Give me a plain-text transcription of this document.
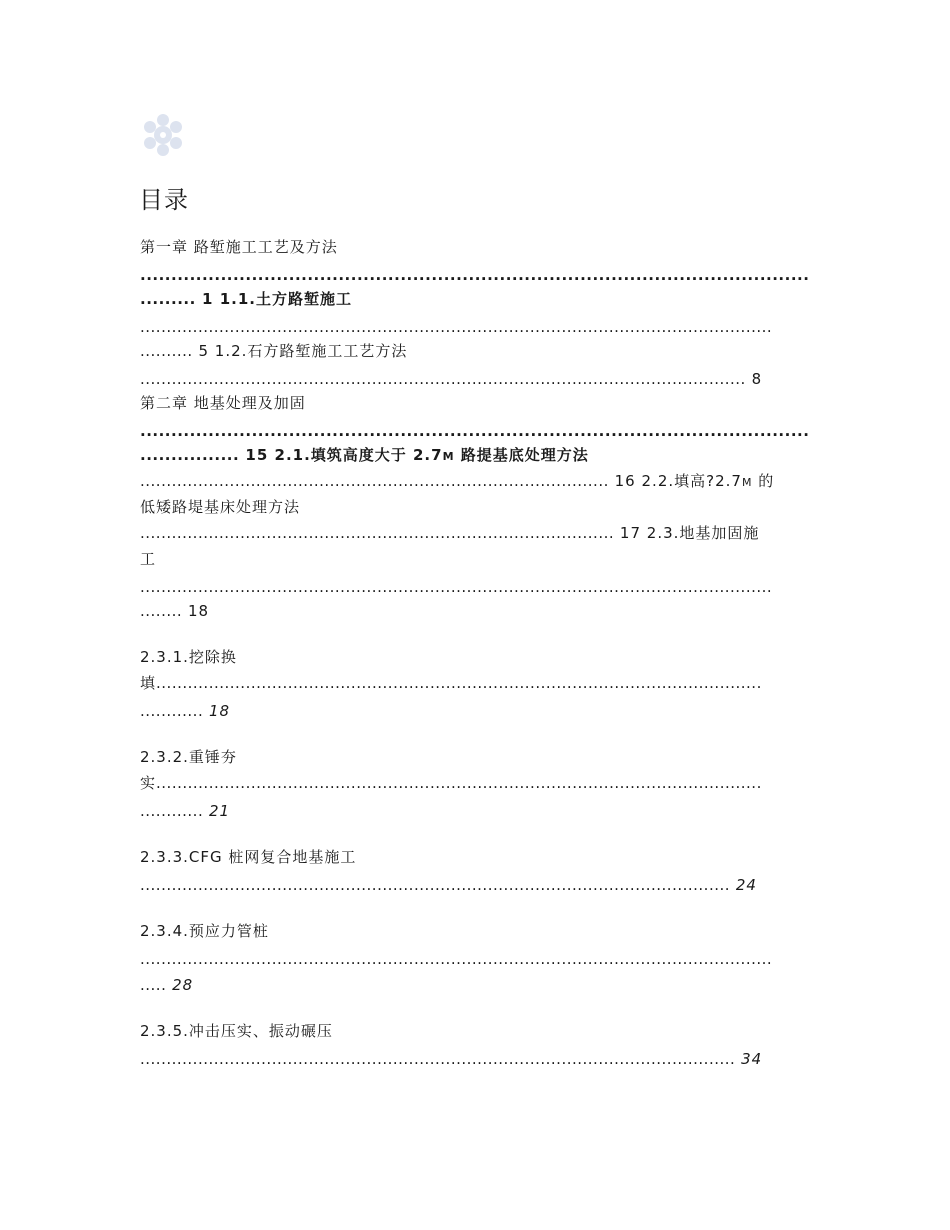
目录
第一章 路堑施工工艺及方法
............................................................................................................
......... 1 1.1.土方路堑施工
........................................................................................................................
.......... 5 1.2.石方路堑施工工艺方法
................................................................................................................... 8
第二章 地基处理及加固
............................................................................................................
................ 15 2.1.填筑高度大于 2.7M 路提基底处理方法
......................................................................................... 16 2.2.填高?2.7M 的
低矮路堤基床处理方法
.......................................................................................... 17 2.3.地基加固施
工
........................................................................................................................
........ 18
2.3.1.挖除换
填...................................................................................................................
............ 18
2.3.2.重锤夯
实...................................................................................................................
............ 21
2.3.3.CFG 桩网复合地基施工
................................................................................................................ 24
2.3.4.预应力管桩
........................................................................................................................
..... 28
2.3.5.冲击压实、振动碾压
................................................................................................................. 34
